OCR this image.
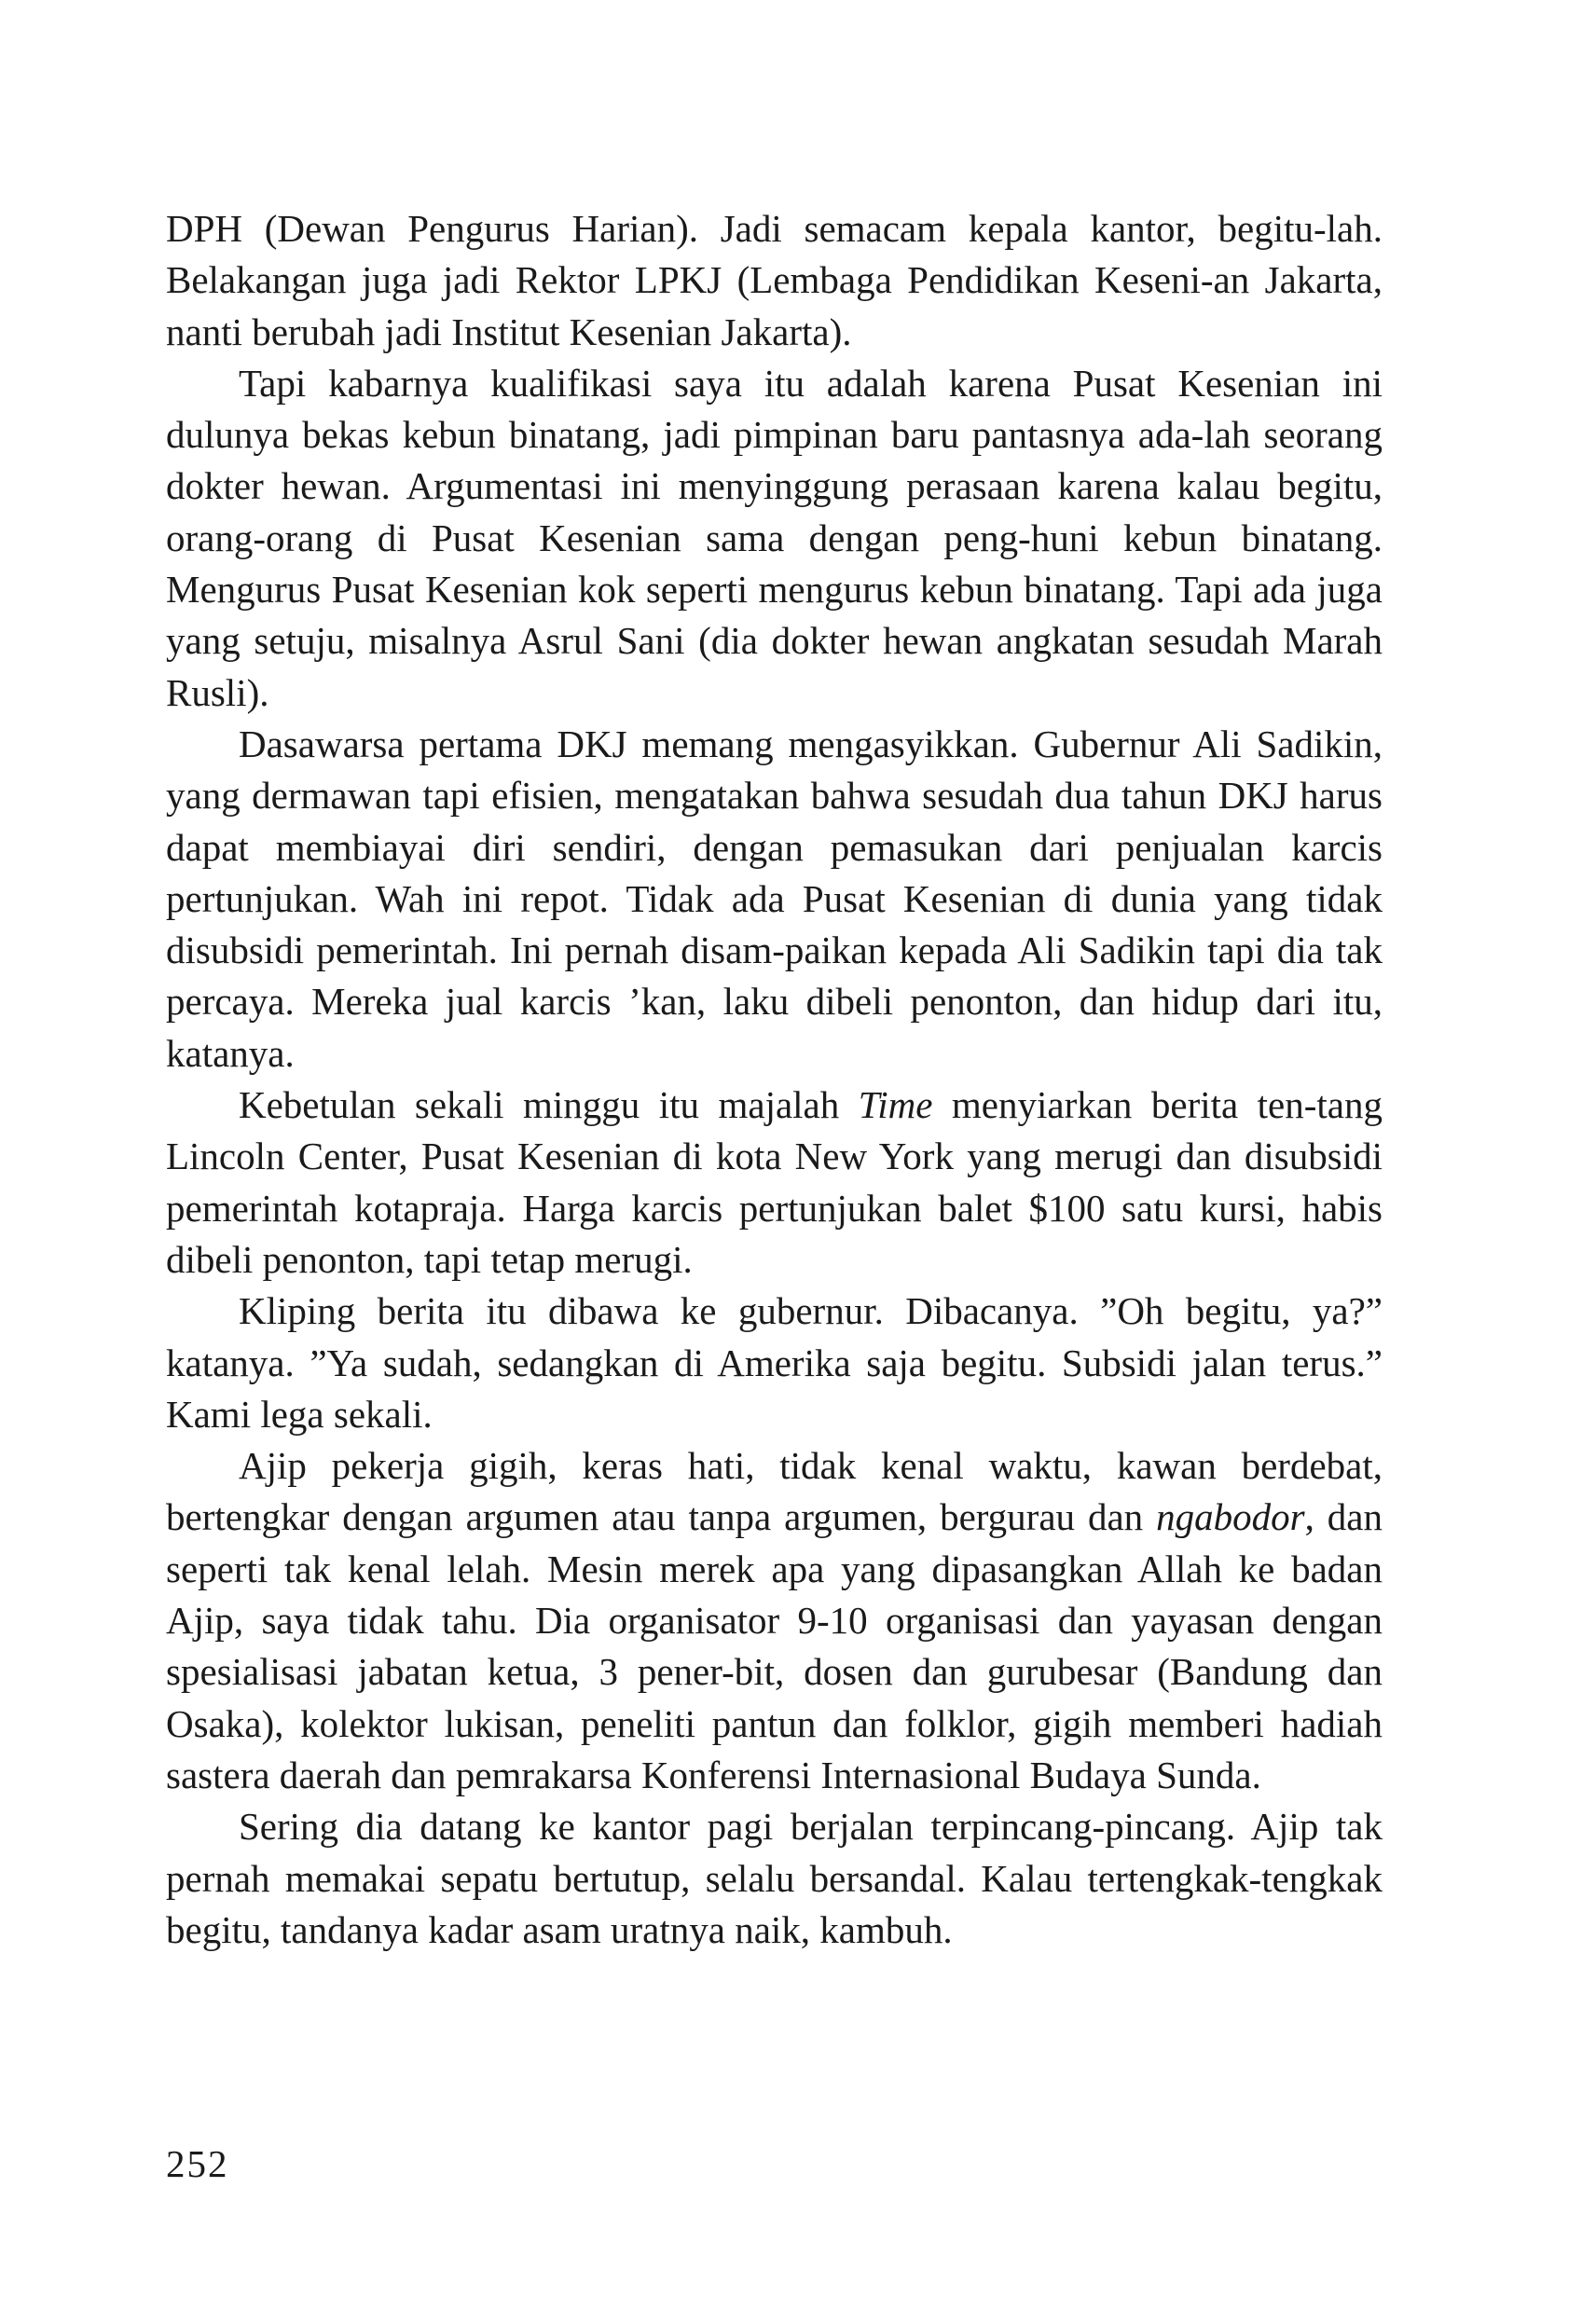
DPH (Dewan Pengurus Harian). Jadi semacam kepala kantor, begitu-lah. Belakangan juga jadi Rektor LPKJ (Lembaga Pendidikan Keseni-an Jakarta, nanti berubah jadi Institut Kesenian Jakarta).

Tapi kabarnya kualifikasi saya itu adalah karena Pusat Kesenian ini dulunya bekas kebun binatang, jadi pimpinan baru pantasnya ada-lah seorang dokter hewan. Argumentasi ini menyinggung perasaan karena kalau begitu, orang-orang di Pusat Kesenian sama dengan peng-huni kebun binatang. Mengurus Pusat Kesenian kok seperti mengurus kebun binatang. Tapi ada juga yang setuju, misalnya Asrul Sani (dia dokter hewan angkatan sesudah Marah Rusli).

Dasawarsa pertama DKJ memang mengasyikkan. Gubernur Ali Sadikin, yang dermawan tapi efisien, mengatakan bahwa sesudah dua tahun DKJ harus dapat membiayai diri sendiri, dengan pemasukan dari penjualan karcis pertunjukan. Wah ini repot. Tidak ada Pusat Kesenian di dunia yang tidak disubsidi pemerintah. Ini pernah disam-paikan kepada Ali Sadikin tapi dia tak percaya. Mereka jual karcis ’kan, laku dibeli penonton, dan hidup dari itu, katanya.

Kebetulan sekali minggu itu majalah Time menyiarkan berita ten-tang Lincoln Center, Pusat Kesenian di kota New York yang merugi dan disubsidi pemerintah kotapraja. Harga karcis pertunjukan balet $100 satu kursi, habis dibeli penonton, tapi tetap merugi.

Kliping berita itu dibawa ke gubernur. Dibacanya. ”Oh begitu, ya?” katanya. ”Ya sudah, sedangkan di Amerika saja begitu. Subsidi jalan terus.” Kami lega sekali.

Ajip pekerja gigih, keras hati, tidak kenal waktu, kawan berdebat, bertengkar dengan argumen atau tanpa argumen, bergurau dan ngabodor, dan seperti tak kenal lelah. Mesin merek apa yang dipasangkan Allah ke badan Ajip, saya tidak tahu. Dia organisator 9-10 organisasi dan yayasan dengan spesialisasi jabatan ketua, 3 pener-bit, dosen dan gurubesar (Bandung dan Osaka), kolektor lukisan, peneliti pantun dan folklor, gigih memberi hadiah sastera daerah dan pemrakarsa Konferensi Internasional Budaya Sunda.

Sering dia datang ke kantor pagi berjalan terpincang-pincang. Ajip tak pernah memakai sepatu bertutup, selalu bersandal. Kalau tertengkak-tengkak begitu, tandanya kadar asam uratnya naik, kambuh.

252
